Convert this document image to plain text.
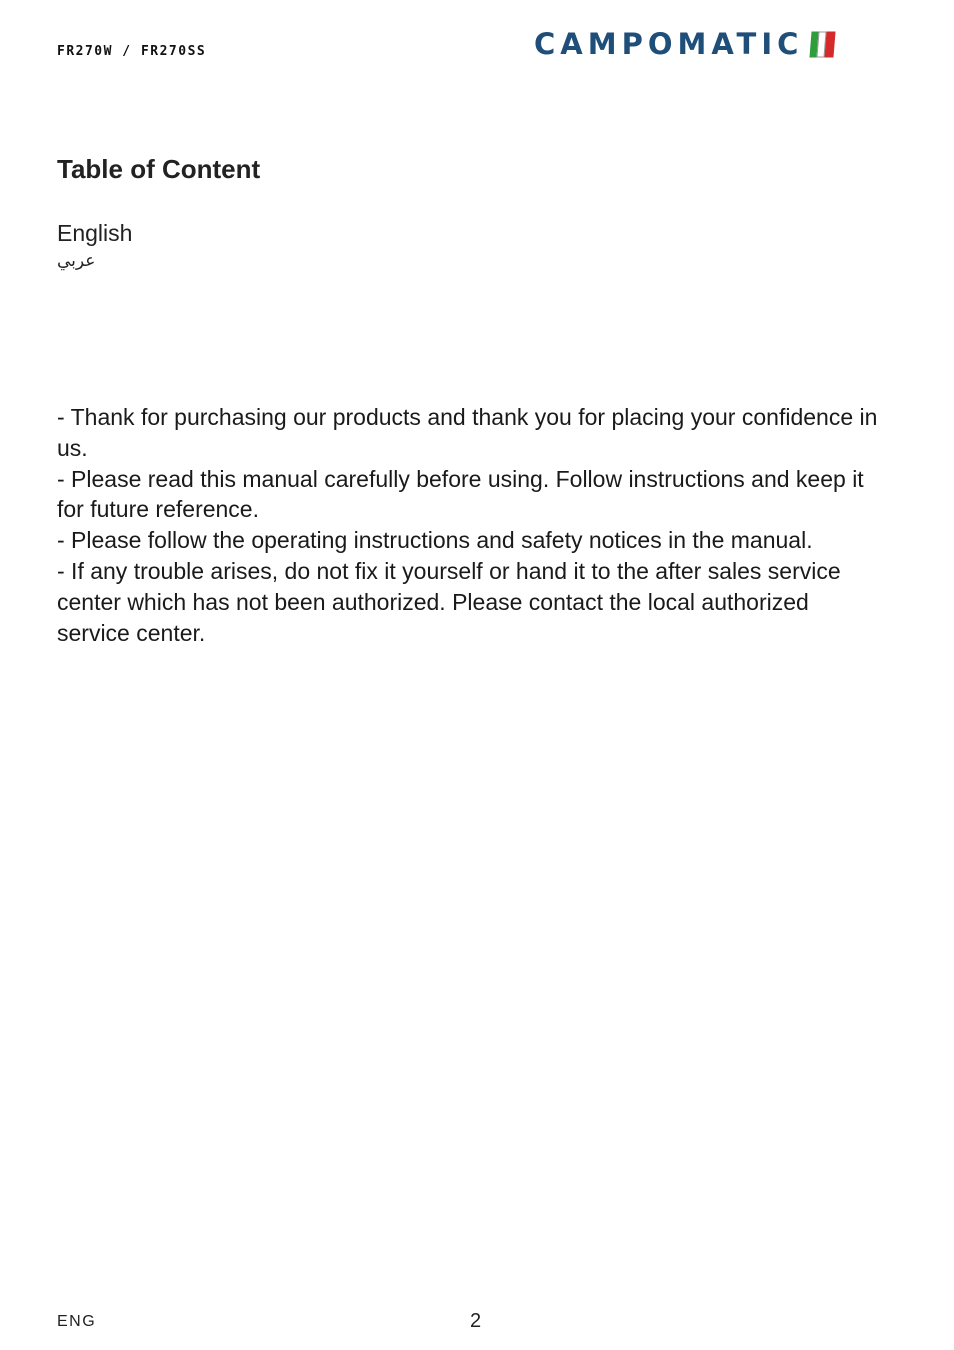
FR270W / FR270SS	CAMPOMATIC
Table of Content
English
عربي

- Thank for purchasing our products and thank you for placing your confidence in us.

- Please read this manual carefully before using. Follow instructions and keep it for future reference.

- Please follow the operating instructions and safety notices in the manual.

- If any trouble arises, do not fix it yourself or hand it to the after sales service center which has not been authorized. Please contact the local authorized service center.

ENG	2
